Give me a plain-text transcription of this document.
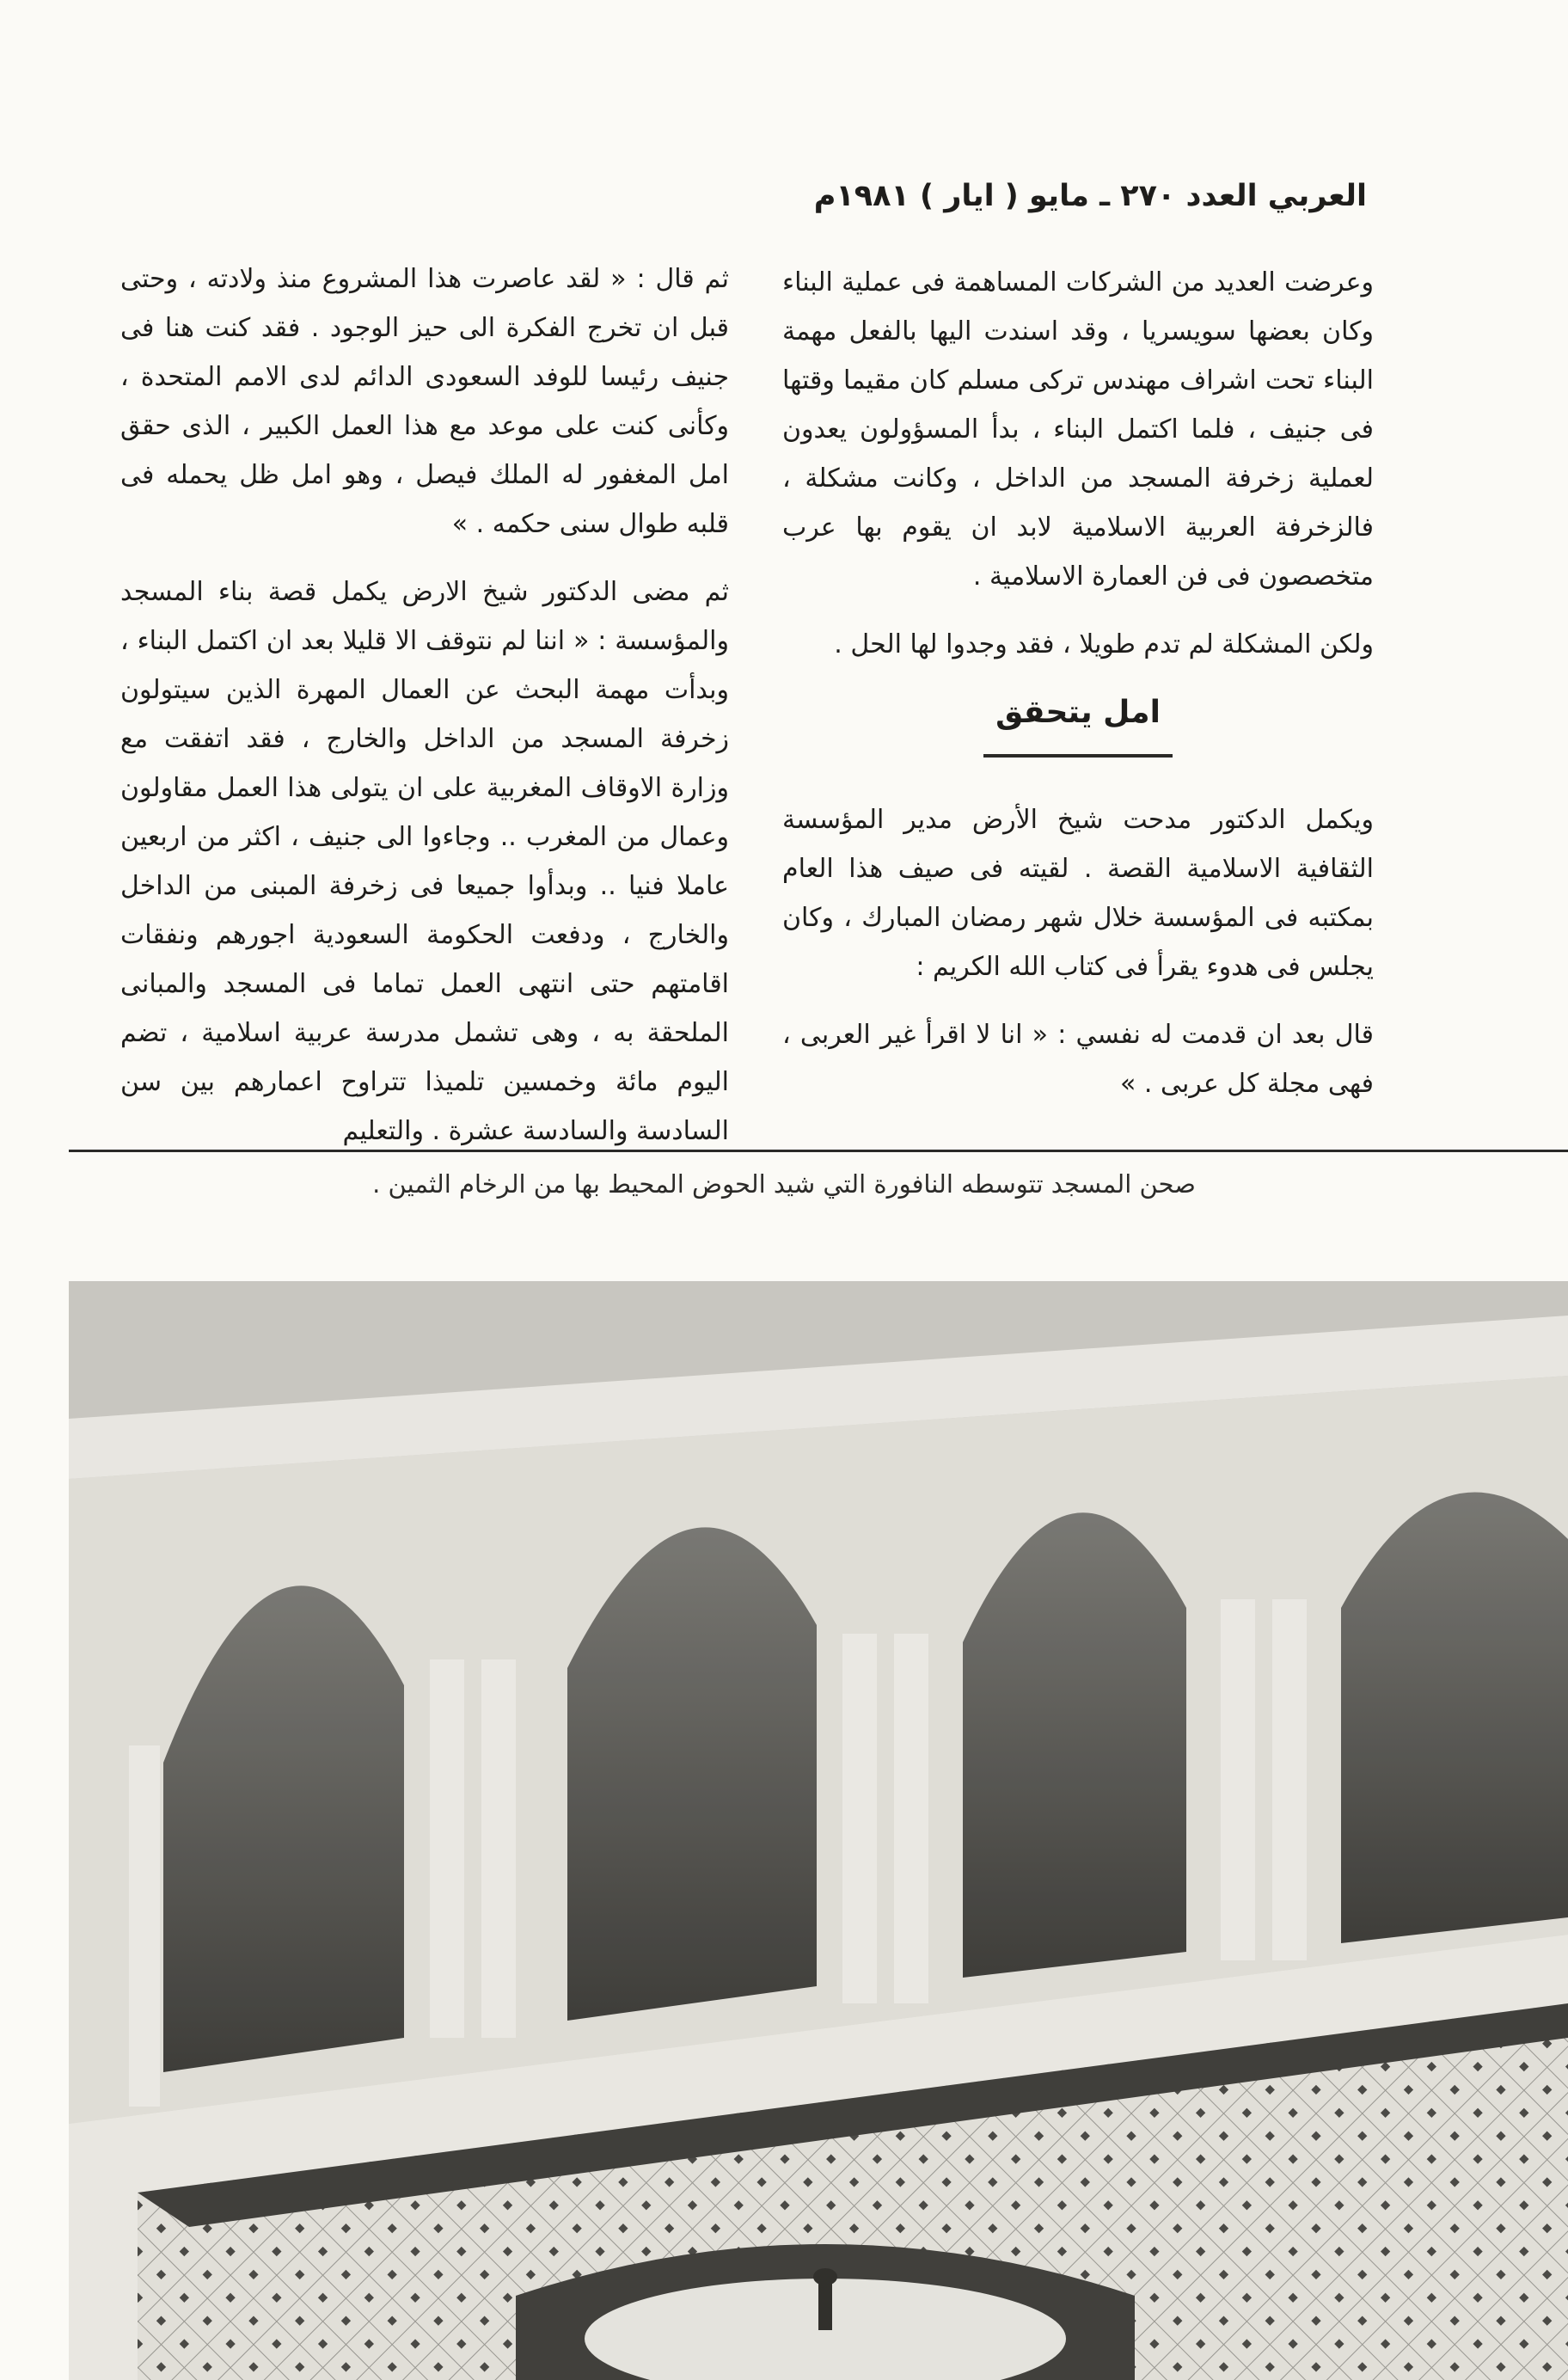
العربي العدد ٢٧٠ ـ مايو ( ايار ) ١٩٨١م

وعرضت العديد من الشركات المساهمة فى عملية البناء وكان بعضها سويسريا ، وقد اسندت اليها بالفعل مهمة البناء تحت اشراف مهندس تركى مسلم كان مقيما وقتها فى جنيف ، فلما اكتمل البناء ، بدأ المسؤولون يعدون لعملية زخرفة المسجد من الداخل ، وكانت مشكلة ، فالزخرفة العربية الاسلامية لابد ان يقوم بها عرب متخصصون فى فن العمارة الاسلامية .

ولكن المشكلة لم تدم طويلا ، فقد وجدوا لها الحل .

امل يتحقق

ويكمل الدكتور مدحت شيخ الأرض مدير المؤسسة الثقافية الاسلامية القصة . لقيته فى صيف هذا العام بمكتبه فى المؤسسة خلال شهر رمضان المبارك ، وكان يجلس فى هدوء يقرأ فى كتاب الله الكريم :

قال بعد ان قدمت له نفسي : « انا لا اقرأ غير العربى ، فهى مجلة كل عربى . »

ثم قال : « لقد عاصرت هذا المشروع منذ ولادته ، وحتى قبل ان تخرج الفكرة الى حيز الوجود . فقد كنت هنا فى جنيف رئيسا للوفد السعودى الدائم لدى الامم المتحدة ، وكأنى كنت على موعد مع هذا العمل الكبير ، الذى حقق امل المغفور له الملك فيصل ، وهو امل ظل يحمله فى قلبه طوال سنى حكمه . »

ثم مضى الدكتور شيخ الارض يكمل قصة بناء المسجد والمؤسسة : « اننا لم نتوقف الا قليلا بعد ان اكتمل البناء ، وبدأت مهمة البحث عن العمال المهرة الذين سيتولون زخرفة المسجد من الداخل والخارج ، فقد اتفقت مع وزارة الاوقاف المغربية على ان يتولى هذا العمل مقاولون وعمال من المغرب .. وجاءوا الى جنيف ، اكثر من اربعين عاملا فنيا .. وبدأوا جميعا فى زخرفة المبنى من الداخل والخارج ، ودفعت الحكومة السعودية اجورهم ونفقات اقامتهم حتى انتهى العمل تماما فى المسجد والمبانى الملحقة به ، وهى تشمل مدرسة عربية اسلامية ، تضم اليوم مائة وخمسين تلميذا تتراوح اعمارهم بين سن السادسة والسادسة عشرة . والتعليم

صحن المسجد تتوسطه النافورة التي شيد الحوض المحيط بها من الرخام الثمين .
